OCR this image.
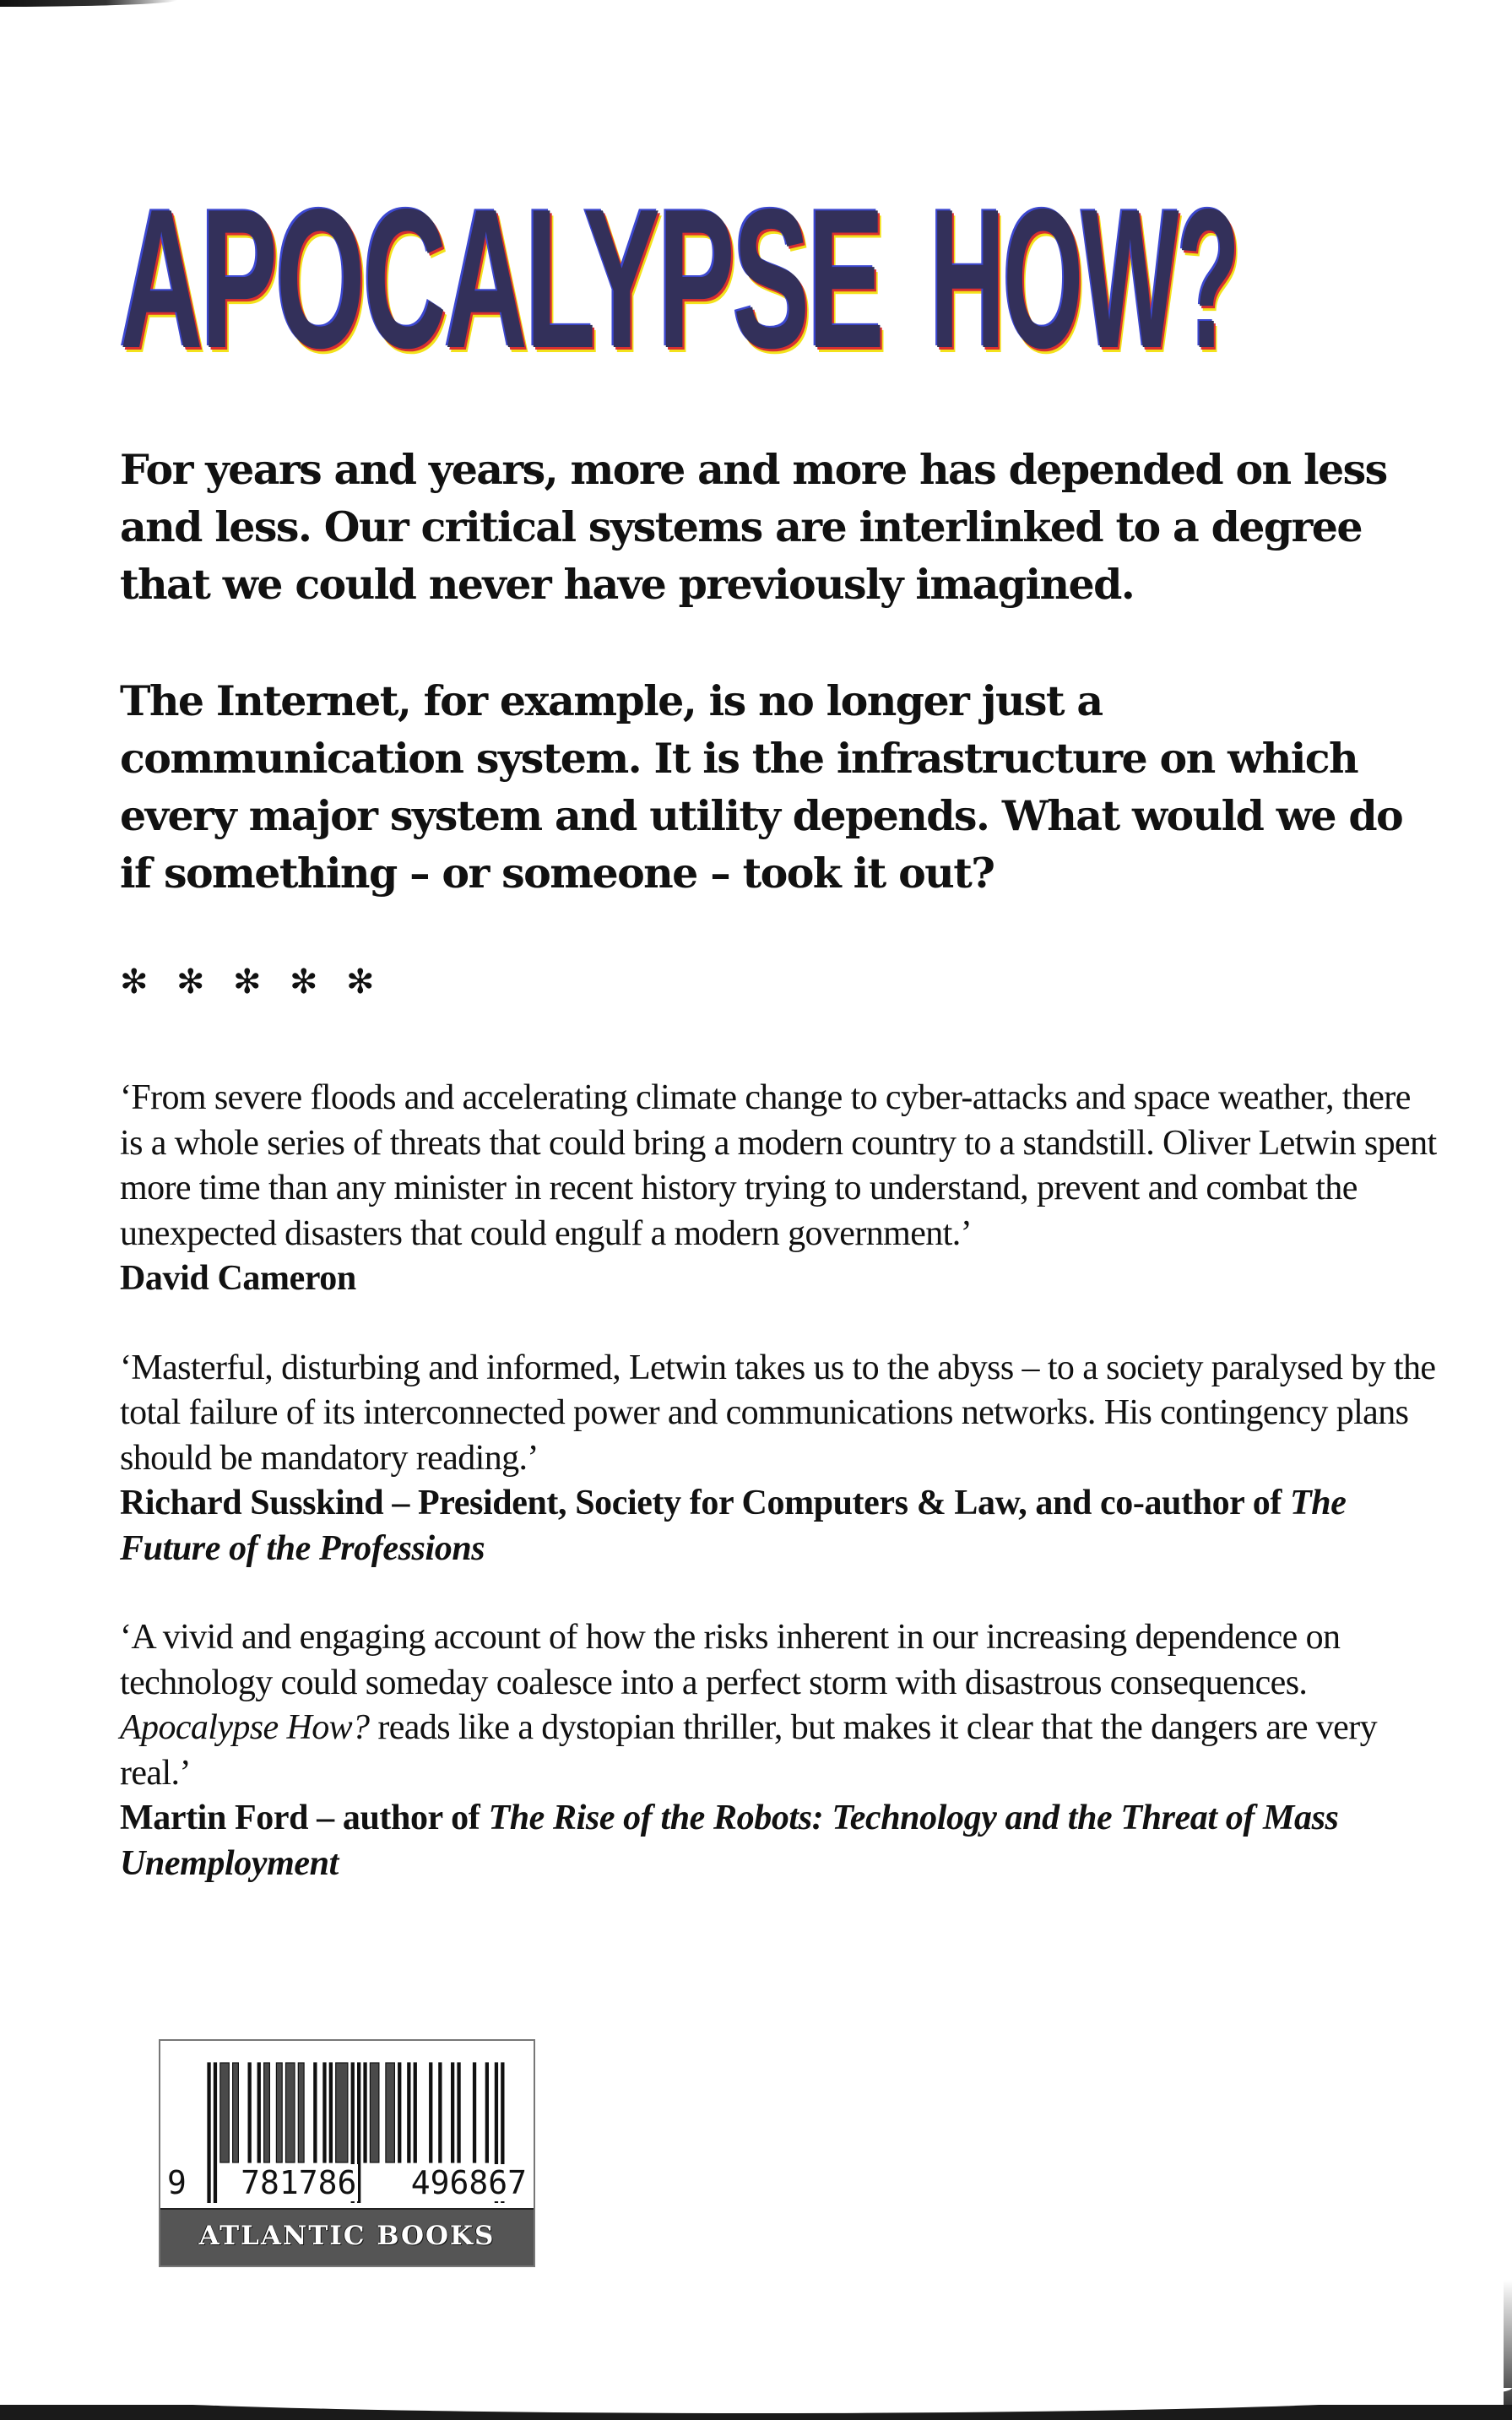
APOCALYPSE HOW?

For years and years, more and more has depended on less and less. Our critical systems are interlinked to a degree that we could never have previously imagined.

The Internet, for example, is no longer just a communication system. It is the infrastructure on which every major system and utility depends. What would we do if something – or someone – took it out?

✻ ✻ ✻ ✻ ✻
‘From severe floods and accelerating climate change to cyber-attacks and space weather, there is a whole series of threats that could bring a modern country to a standstill. Oliver Letwin spent more time than any minister in recent history trying to understand, prevent and combat the unexpected disasters that could engulf a modern government.’
David Cameron
‘Masterful, disturbing and informed, Letwin takes us to the abyss – to a society paralysed by the total failure of its interconnected power and communications networks. His contingency plans should be mandatory reading.’
Richard Susskind – President, Society for Computers & Law, and co-author of The Future of the Professions
‘A vivid and engaging account of how the risks inherent in our increasing dependence on technology could someday coalesce into a perfect storm with disastrous consequences. Apocalypse How? reads like a dystopian thriller, but makes it clear that the dangers are very real.’
Martin Ford – author of The Rise of the Robots: Technology and the Threat of Mass Unemployment
9 781786 496867
ATLANTIC BOOKS
